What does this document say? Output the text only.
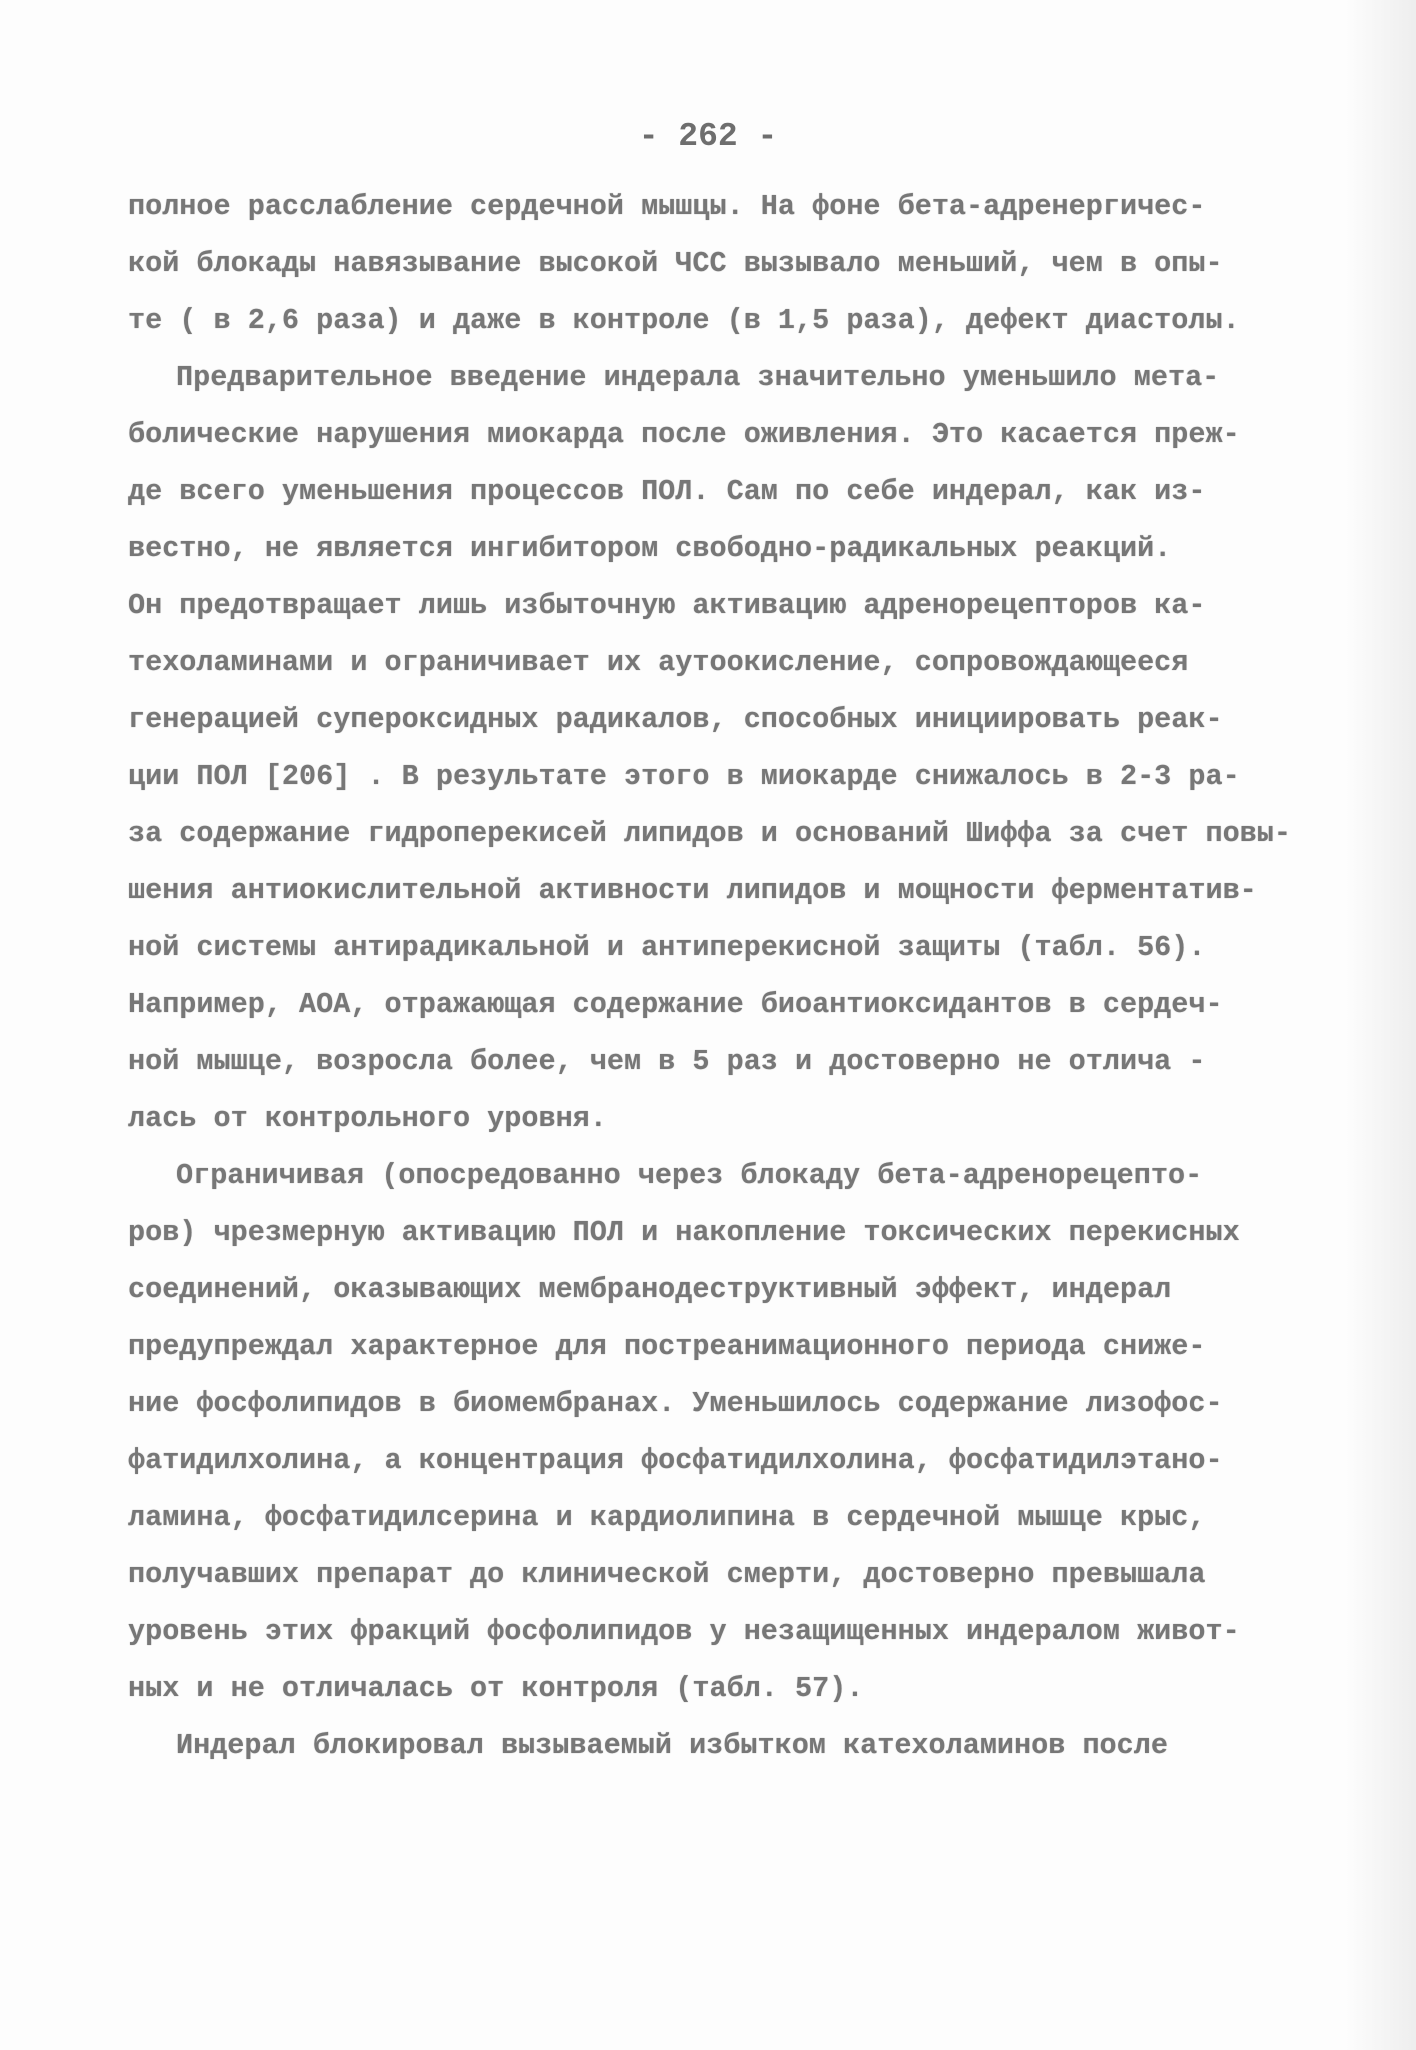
- 262 -
полное расслабление сердечной мышцы. На фоне бета-адренергичес-
кой блокады навязывание высокой ЧСС вызывало меньший, чем в опы-
те ( в 2,6 раза) и даже в контроле (в 1,5 раза), дефект диастолы.
Предварительное введение индерала значительно уменьшило мета-
болические нарушения миокарда после оживления. Это касается преж-
де всего уменьшения процессов ПОЛ. Сам по себе индерал, как из-
вестно, не является ингибитором свободно-радикальных реакций.
Он предотвращает лишь избыточную активацию адренорецепторов ка-
техоламинами и ограничивает их аутоокисление, сопровождающееся
генерацией супероксидных радикалов, способных инициировать реак-
ции ПОЛ [206] . В результате этого в миокарде снижалось в 2-3 ра-
за содержание гидроперекисей липидов и оснований Шиффа за счет повы-
шения антиокислительной активности липидов и мощности ферментатив-
ной системы антирадикальной и антиперекисной защиты (табл. 56).
Например, АОА, отражающая содержание биоантиоксидантов в сердеч-
ной мышце, возросла более, чем в 5 раз и достоверно не отлича -
лась от контрольного уровня.
Ограничивая (опосредованно через блокаду бета-адренорецепто-
ров) чрезмерную активацию ПОЛ и накопление токсических перекисных
соединений, оказывающих мембранодеструктивный эффект, индерал
предупреждал характерное для постреанимационного периода сниже-
ние фосфолипидов в биомембранах. Уменьшилось содержание лизофос-
фатидилхолина, а концентрация фосфатидилхолина, фосфатидилэтано-
ламина, фосфатидилсерина и кардиолипина в сердечной мышце крыс,
получавших препарат до клинической смерти, достоверно превышала
уровень этих фракций фосфолипидов у незащищенных индералом живот-
ных и не отличалась от контроля (табл. 57).
Индерал блокировал вызываемый избытком катехоламинов после
